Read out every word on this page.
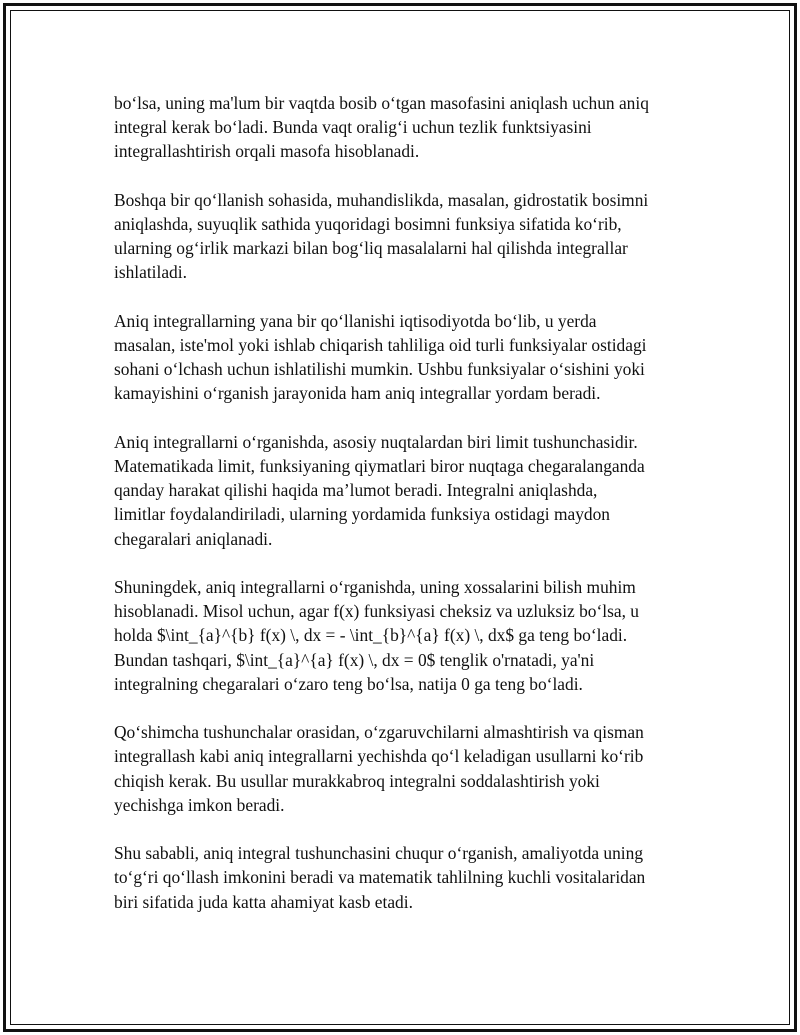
bo‘lsa, uning ma'lum bir vaqtda bosib o‘tgan masofasini aniqlash uchun aniq
integral kerak bo‘ladi. Bunda vaqt oralig‘i uchun tezlik funktsiyasini
integrallashtirish orqali masofa hisoblanadi.

Boshqa bir qo‘llanish sohasida, muhandislikda, masalan, gidrostatik bosimni
aniqlashda, suyuqlik sathida yuqoridagi bosimni funksiya sifatida ko‘rib,
ularning og‘irlik markazi bilan bog‘liq masalalarni hal qilishda integrallar
ishlatiladi.

Aniq integrallarning yana bir qo‘llanishi iqtisodiyotda bo‘lib, u yerda
masalan, iste'mol yoki ishlab chiqarish tahliliga oid turli funksiyalar ostidagi
sohani o‘lchash uchun ishlatilishi mumkin. Ushbu funksiyalar o‘sishini yoki
kamayishini o‘rganish jarayonida ham aniq integrallar yordam beradi.

Aniq integrallarni o‘rganishda, asosiy nuqtalardan biri limit tushunchasidir.
Matematikada limit, funksiyaning qiymatlari biror nuqtaga chegaralanganda
qanday harakat qilishi haqida ma’lumot beradi. Integralni aniqlashda,
limitlar foydalandiriladi, ularning yordamida funksiya ostidagi maydon
chegaralari aniqlanadi.

Shuningdek, aniq integrallarni o‘rganishda, uning xossalarini bilish muhim
hisoblanadi. Misol uchun, agar f(x) funksiyasi cheksiz va uzluksiz bo‘lsa, u
holda $\int_{a}^{b} f(x) \, dx = - \int_{b}^{a} f(x) \, dx$ ga teng bo‘ladi.
Bundan tashqari, $\int_{a}^{a} f(x) \, dx = 0$ tenglik o'rnatadi, ya'ni
integralning chegaralari o‘zaro teng bo‘lsa, natija 0 ga teng bo‘ladi.

Qo‘shimcha tushunchalar orasidan, o‘zgaruvchilarni almashtirish va qisman
integrallash kabi aniq integrallarni yechishda qo‘l keladigan usullarni ko‘rib
chiqish kerak. Bu usullar murakkabroq integralni soddalashtirish yoki
yechishga imkon beradi.

Shu sababli, aniq integral tushunchasini chuqur o‘rganish, amaliyotda uning
to‘g‘ri qo‘llash imkonini beradi va matematik tahlilning kuchli vositalaridan
biri sifatida juda katta ahamiyat kasb etadi.
